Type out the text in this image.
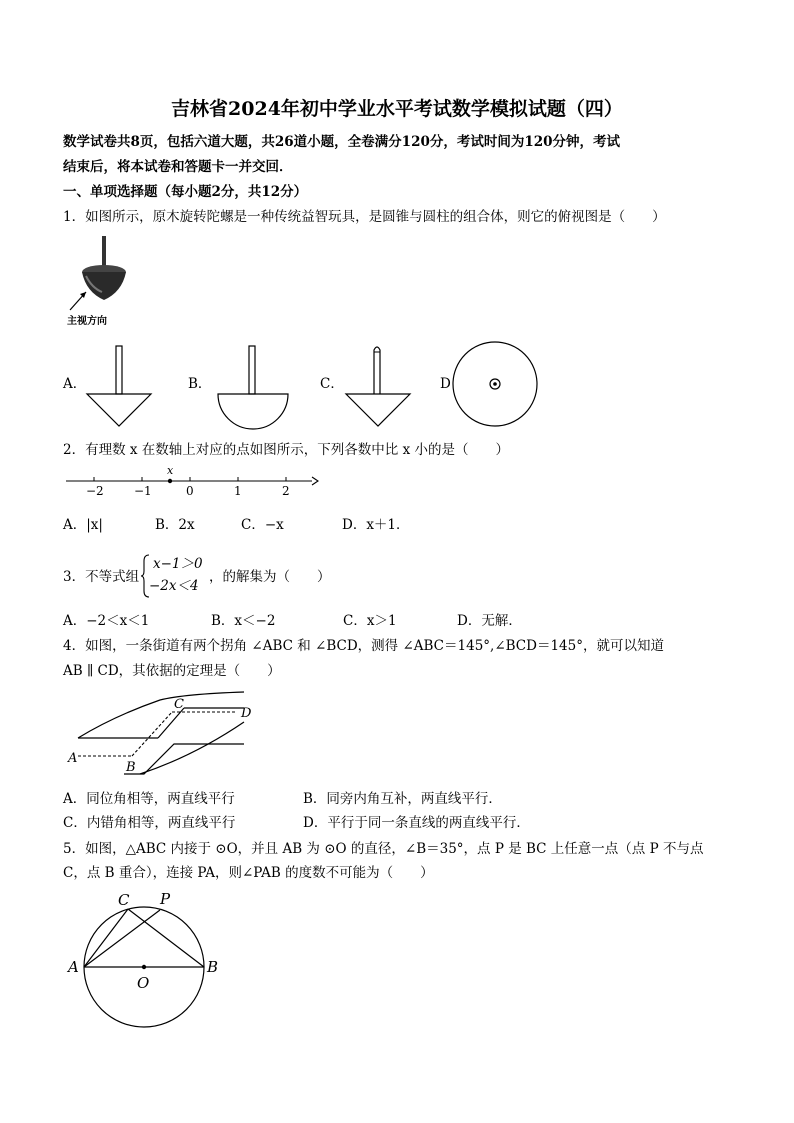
吉林省2024年初中学业水平考试数学模拟试题（四）
数学试卷共8页，包括六道大题，共26道小题，全卷满分120分，考试时间为120分钟，考试
结束后，将本试卷和答题卡一并交回．
一、单项选择题（每小题2分，共12分）
1．如图所示，原木旋转陀螺是一种传统益智玩具，是圆锥与圆柱的组合体，则它的俯视图是（　　）
主视方向
A．	B．	C．	D
2．有理数 x 在数轴上对应的点如图所示，下列各数中比 x 小的是（　　）
x
−2	−1	0	1	2
A．|x|	B．2x	C．−x	D．x＋1．
3．不等式组
x−1＞0
−2x＜4
，的解集为（　　）
A．−2＜x＜1	B．x＜−2	C．x＞1	D．无解．
4．如图，一条街道有两个拐角 ∠ABC 和 ∠BCD，测得 ∠ABC＝145°,∠BCD＝145°，就可以知道
AB ∥ CD，其依据的定理是（　　）
C
D
A
B
A．同位角相等，两直线平行	B．同旁内角互补，两直线平行．
C．内错角相等，两直线平行	D．平行于同一条直线的两直线平行．
5．如图，△ABC 内接于 ⊙O，并且 AB 为 ⊙O 的直径，∠B＝35°，点 P 是 BC 上任意一点（点 P 不与点
C，点 B 重合），连接 PA，则∠PAB 的度数不可能为（　　）
C P
A	B
O
